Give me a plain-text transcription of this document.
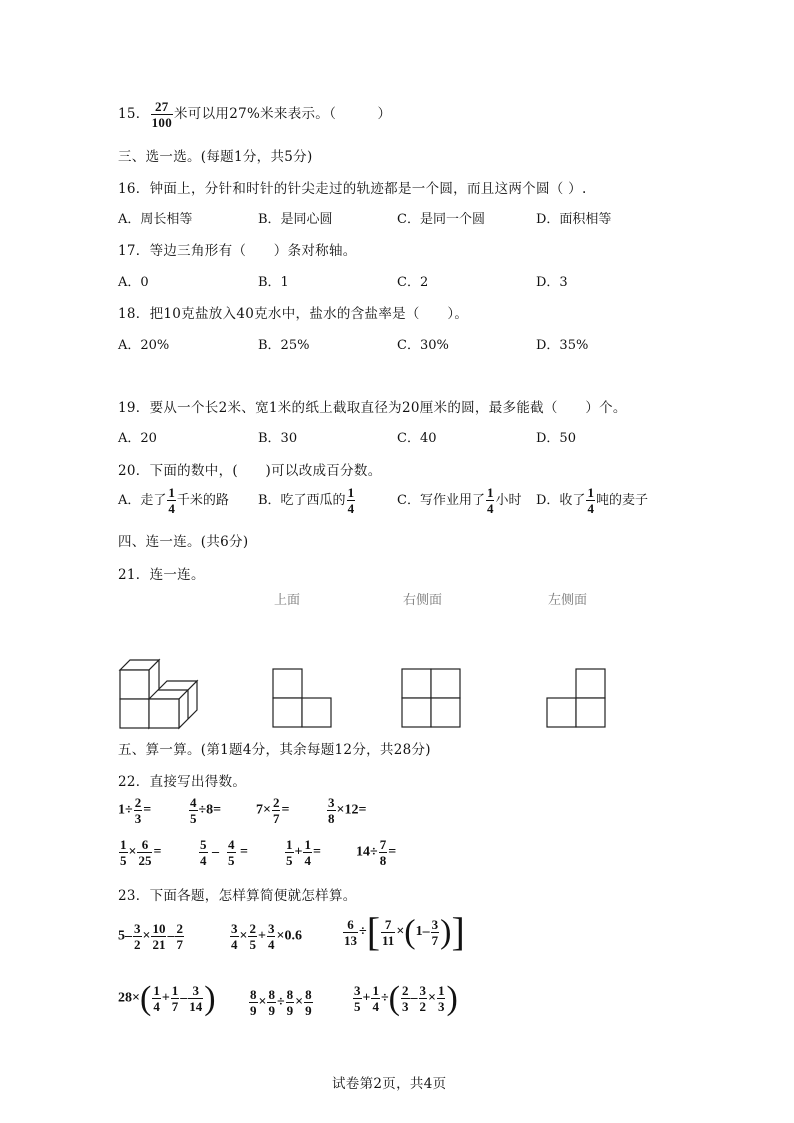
15． $\frac{27}{100}$ 米可以用27%米来表示。（　　　）
三、选一选。(每题1分，共5分)
16．钟面上，分针和时针的针尖走过的轨迹都是一个圆，而且这两个圆（ ）.
A．周长相等	B．是同心圆	C．是同一个圆	D．面积相等
17．等边三角形有（　　）条对称轴。
A．0	B．1	C．2	D．3
18．把10克盐放入40克水中，盐水的含盐率是（　　）。
A．20%	B．25%	C．30%	D．35%
19．要从一个长2米、宽1米的纸上截取直径为20厘米的圆，最多能截（　　）个。
A．20	B．30	C．40	D．50
20．下面的数中，(　　)可以改成百分数。
A．走了 $\frac{1}{4}$ 千米的路 B．吃了西瓜的 $\frac{1}{4}$	C．写作业用了 $\frac{1}{4}$ 小时 D．收了 $\frac{1}{4}$ 吨的麦子
四、连一连。(共6分)
21．连一连。
上面	右侧面	左侧面
五、算一算。(第1题4分，其余每题12分，共28分)
22．直接写出得数。
$1\div \frac{2}{3}$ =	$\frac{4}{5} \div 8= 7\times \frac{2}{7}$ =	$\frac{3}{8} \times 12=$
$\frac{1}{5} \times \frac{6}{25}$ =	$\frac{5}{4} - \frac{4}{5}$ =	$\frac{1}{5} + \frac{1}{4}$ =	$14\div \frac{7}{8}$ =
23．下面各题，怎样算简便就怎样算。
$5- \frac{3}{2} \times \frac{10}{21} - \frac{2}{7}$	$\frac{3}{4} \times \frac{2}{5} + \frac{3}{4} \times 0.6$	$\frac{6}{13}$ ÷[ $\frac{7}{11} \times(1- \frac{3}{7}$ )]
$28\times( \frac{1}{4} + \frac{1}{7} - \frac{3}{14}$ )	$\frac{8}{9} \times \frac{8}{9} \div \frac{8}{9} \times \frac{8}{9}$	$\frac{3}{5} + \frac{1}{4}$ ÷( $\frac{2}{3} - \frac{3}{2} \times \frac{1}{3}$ )
试卷第2页，共4页
